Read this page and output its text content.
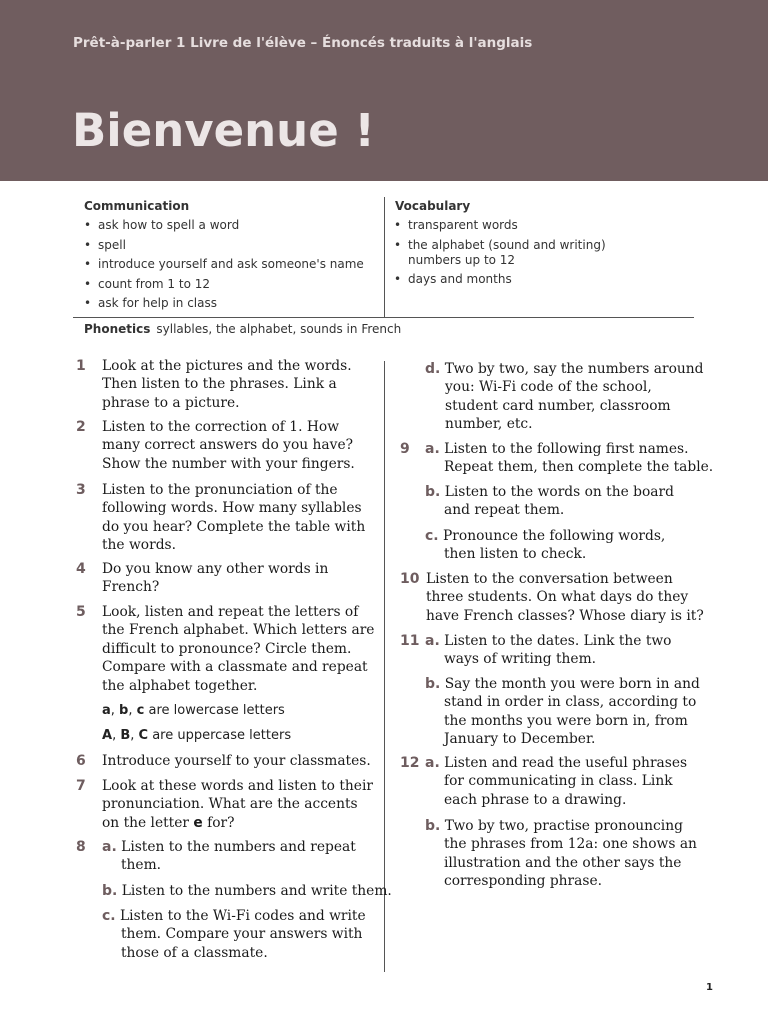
Prêt-à-parler 1 Livre de l'élève – Énoncés traduits à l'anglais
Bienvenue !
Communication
• ask how to spell a word
• spell
• introduce yourself and ask someone's name
• count from 1 to 12
• ask for help in class
Vocabulary
• transparent words
• the alphabet (sound and writing)
numbers up to 12
• days and months
Phonetics syllables, the alphabet, sounds in French
1 Look at the pictures and the words.
Then listen to the phrases. Link a
phrase to a picture.
2 Listen to the correction of 1. How
many correct answers do you have?
Show the number with your fingers.
3 Listen to the pronunciation of the
following words. How many syllables
do you hear? Complete the table with
the words.
4 Do you know any other words in
French?
5 Look, listen and repeat the letters of
the French alphabet. Which letters are
difficult to pronounce? Circle them.
Compare with a classmate and repeat
the alphabet together.
a, b, c are lowercase letters
A, B, C are uppercase letters
6 Introduce yourself to your classmates.
7 Look at these words and listen to their
pronunciation. What are the accents
on the letter e for?
8 a. Listen to the numbers and repeat
them.
b. Listen to the numbers and write them.
c. Listen to the Wi-Fi codes and write
them. Compare your answers with
those of a classmate.
d. Two by two, say the numbers around
you: Wi-Fi code of the school,
student card number, classroom
number, etc.
9 a. Listen to the following first names.
Repeat them, then complete the table.
b. Listen to the words on the board
and repeat them.
c. Pronounce the following words,
then listen to check.
10 Listen to the conversation between
three students. On what days do they
have French classes? Whose diary is it?
11 a. Listen to the dates. Link the two
ways of writing them.
b. Say the month you were born in and
stand in order in class, according to
the months you were born in, from
January to December.
12 a. Listen and read the useful phrases
for communicating in class. Link
each phrase to a drawing.
b. Two by two, practise pronouncing
the phrases from 12a: one shows an
illustration and the other says the
corresponding phrase.
1
